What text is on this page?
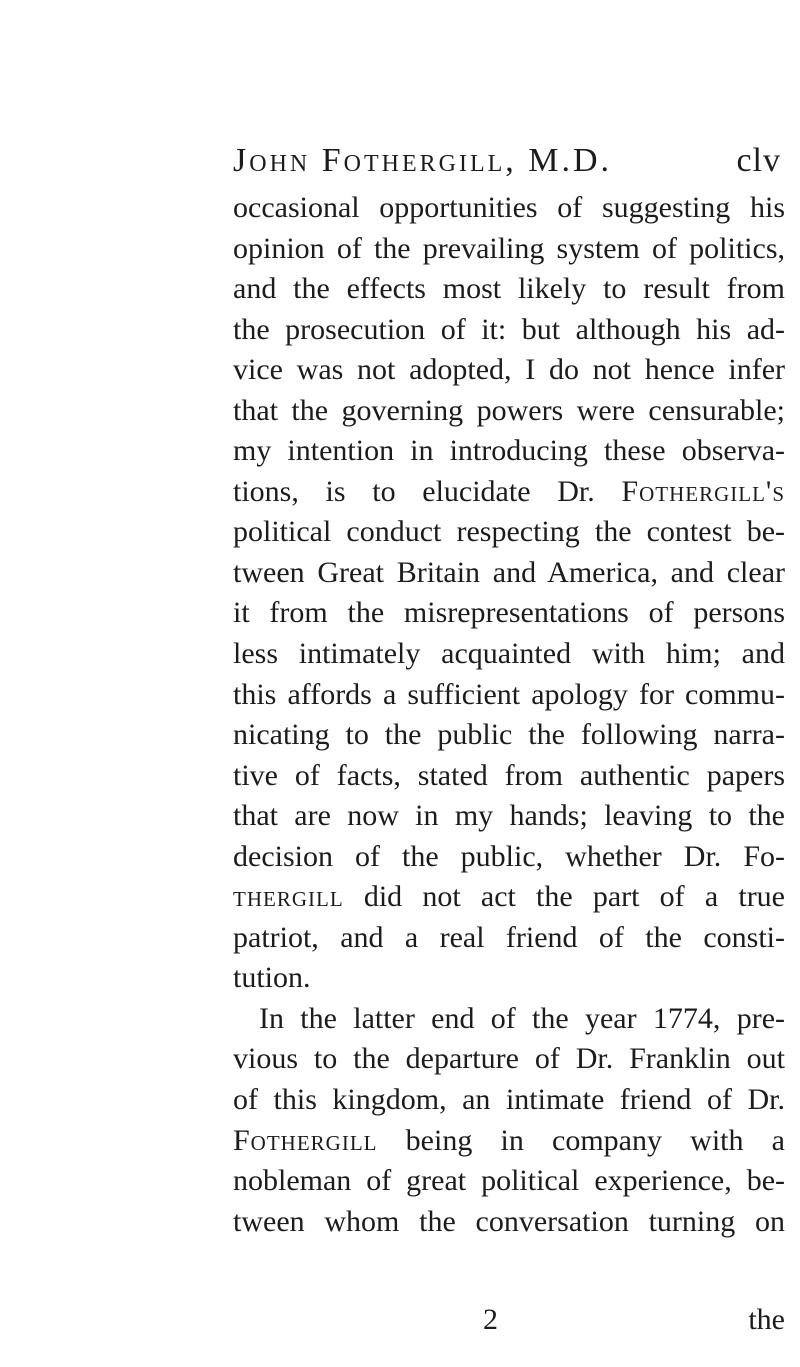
John Fothergill, M.D.	clv
occasional opportunities of suggesting his
opinion of the prevailing system of politics,
and the effects most likely to result from
the prosecution of it: but although his ad-
vice was not adopted, I do not hence infer
that the governing powers were censurable;
my intention in introducing these observa-
tions, is to elucidate Dr. Fothergill's
political conduct respecting the contest be-
tween Great Britain and America, and clear
it from the misrepresentations of persons
less intimately acquainted with him; and
this affords a sufficient apology for commu-
nicating to the public the following narra-
tive of facts, stated from authentic papers
that are now in my hands; leaving to the
decision of the public, whether Dr. Fo-
thergill did not act the part of a true
patriot, and a real friend of the consti-
tution.
In the latter end of the year 1774, pre-
vious to the departure of Dr. Franklin out
of this kingdom, an intimate friend of Dr.
Fothergill being in company with a
nobleman of great political experience, be-
tween whom the conversation turning on
2	the
